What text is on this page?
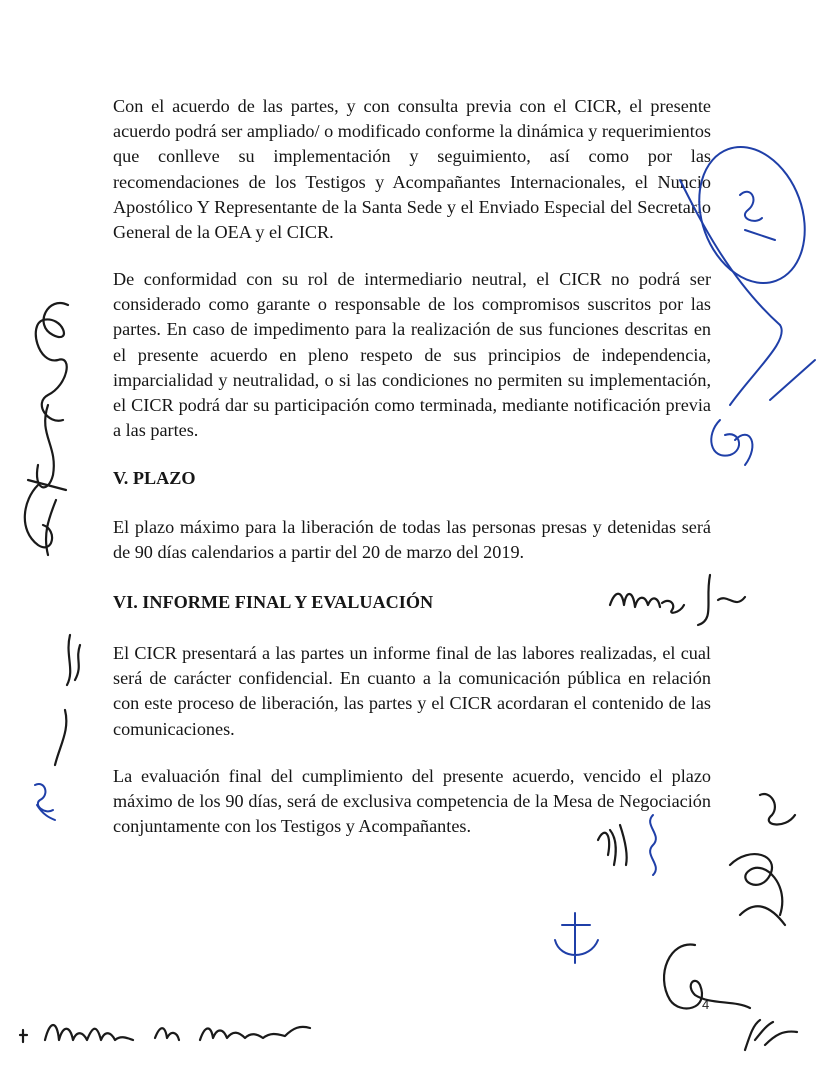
Con el acuerdo de las partes, y con consulta previa con el CICR, el presente acuerdo podrá ser ampliado/ o modificado conforme la dinámica y requerimientos que conlleve su implementación y seguimiento, así como por las recomendaciones de los Testigos y Acompañantes Internacionales, el Nuncio Apostólico Y Representante de la Santa Sede y el Enviado Especial del Secretario General de la OEA y el CICR.

De conformidad con su rol de intermediario neutral, el CICR no podrá ser considerado como garante o responsable de los compromisos suscritos por las partes. En caso de impedimento para la realización de sus funciones descritas en el presente acuerdo en pleno respeto de sus principios de independencia, imparcialidad y neutralidad, o si las condiciones no permiten su implementación, el CICR podrá dar su participación como terminada, mediante notificación previa a las partes.

V. PLAZO

El plazo máximo para la liberación de todas las personas presas y detenidas será de 90 días calendarios a partir del 20 de marzo del 2019.

VI. INFORME FINAL Y EVALUACIÓN

El CICR presentará a las partes un informe final de las labores realizadas, el cual será de carácter confidencial. En cuanto a la comunicación pública en relación con este proceso de liberación, las partes y el CICR acordaran el contenido de las comunicaciones.

La evaluación final del cumplimiento del presente acuerdo, vencido el plazo máximo de los 90 días, será de exclusiva competencia de la Mesa de Negociación conjuntamente con los Testigos y Acompañantes.

4
